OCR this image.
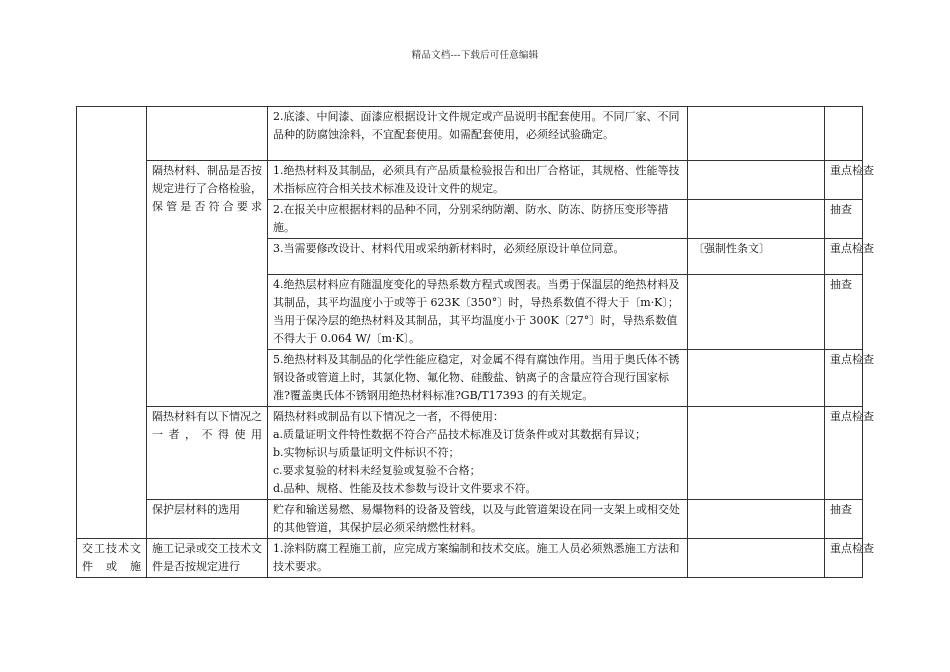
精品文档---下载后可任意编辑
		2.底漆、中间漆、面漆应根据设计文件规定或产品说明书配套使用。不同厂家、不同品种的防腐蚀涂料，不宜配套使用。如需配套使用，必须经试验确定。		
	隔热材料、制品是否按规定进行了合格检验，保管是否符合要求	1.绝热材料及其制品，必须具有产品质量检验报告和出厂合格证，其规格、性能等技术指标应符合相关技术标准及设计文件的规定。		重点检查
		2.在报关中应根据材料的品种不同，分别采纳防潮、防水、防冻、防挤压变形等措施。		抽查
		3.当需要修改设计、材料代用或采纳新材料时，必须经原设计单位同意。	〔强制性条文〕	重点检查
		4.绝热层材料应有随温度变化的导热系数方程式或图表。当勇于保温层的绝热材料及其制品，其平均温度小于或等于 623K〔350°〕时，导热系数值不得大于〔m·K〕；当用于保冷层的绝热材料及其制品，其平均温度小于 300K〔27°〕时，导热系数值不得大于 0.064 W/〔m·K〕。		抽查
		5.绝热材料及其制品的化学性能应稳定，对金属不得有腐蚀作用。当用于奥氏体不锈钢设备或管道上时，其氯化物、氟化物、硅酸盐、钠离子的含量应符合现行国家标准?覆盖奥氏体不锈钢用绝热材料标准?GB/T17393 的有关规定。		重点检查
	隔热材料有以下情况之一者，不得使用	隔热材料或制品有以下情况之一者，不得使用：
a.质量证明文件特性数据不符合产品技术标准及订货条件或对其数据有异议；
b.实物标识与质量证明文件标识不符；
c.要求复验的材料未经复验或复验不合格；
d.品种、规格、性能及技术参数与设计文件要求不符。		重点检查
	保护层材料的选用	贮存和输送易燃、易爆物料的设备及管线，以及与此管道架设在同一支架上或相交处的其他管道，其保护层必须采纳燃性材料。		抽查
交工技术文件或施	施工记录或交工技术文件是否按规定进行	1.涂料防腐工程施工前，应完成方案编制和技术交底。施工人员必须熟悉施工方法和技术要求。		重点检查
